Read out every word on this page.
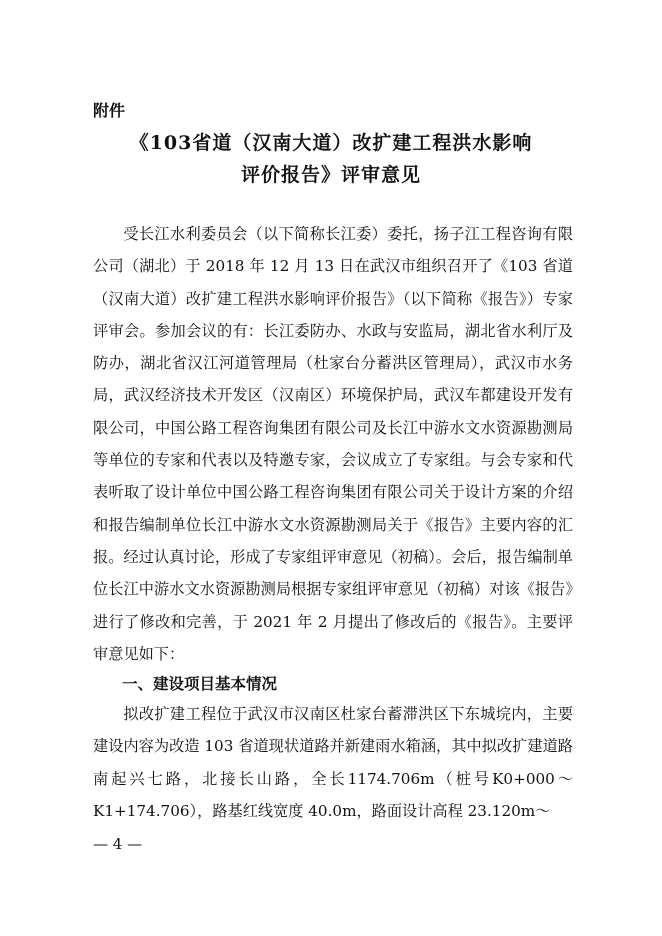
附件
《103省道（汉南大道）改扩建工程洪水影响
评价报告》评审意见

受长江水利委员会（以下简称长江委）委托，扬子江工程咨询有限公司（湖北）于 2018 年 12 月 13 日在武汉市组织召开了《103 省道（汉南大道）改扩建工程洪水影响评价报告》（以下简称《报告》）专家评审会。参加会议的有：长江委防办、水政与安监局，湖北省水利厅及防办，湖北省汉江河道管理局（杜家台分蓄洪区管理局），武汉市水务局，武汉经济技术开发区（汉南区）环境保护局，武汉车都建设开发有限公司，中国公路工程咨询集团有限公司及长江中游水文水资源勘测局等单位的专家和代表以及特邀专家，会议成立了专家组。与会专家和代表听取了设计单位中国公路工程咨询集团有限公司关于设计方案的介绍和报告编制单位长江中游水文水资源勘测局关于《报告》主要内容的汇报。经过认真讨论，形成了专家组评审意见（初稿）。会后，报告编制单位长江中游水文水资源勘测局根据专家组评审意见（初稿）对该《报告》进行了修改和完善，于 2021 年 2 月提出了修改后的《报告》。主要评审意见如下：

一、建设项目基本情况

拟改扩建工程位于武汉市汉南区杜家台蓄滞洪区下东城垸内，主要建设内容为改造 103 省道现状道路并新建雨水箱涵，其中拟改扩建道路南起兴七路，北接长山路，全长1174.706m（桩号K0+000～K1+174.706），路基红线宽度 40.0m，路面设计高程 23.120m～

— 4 —
